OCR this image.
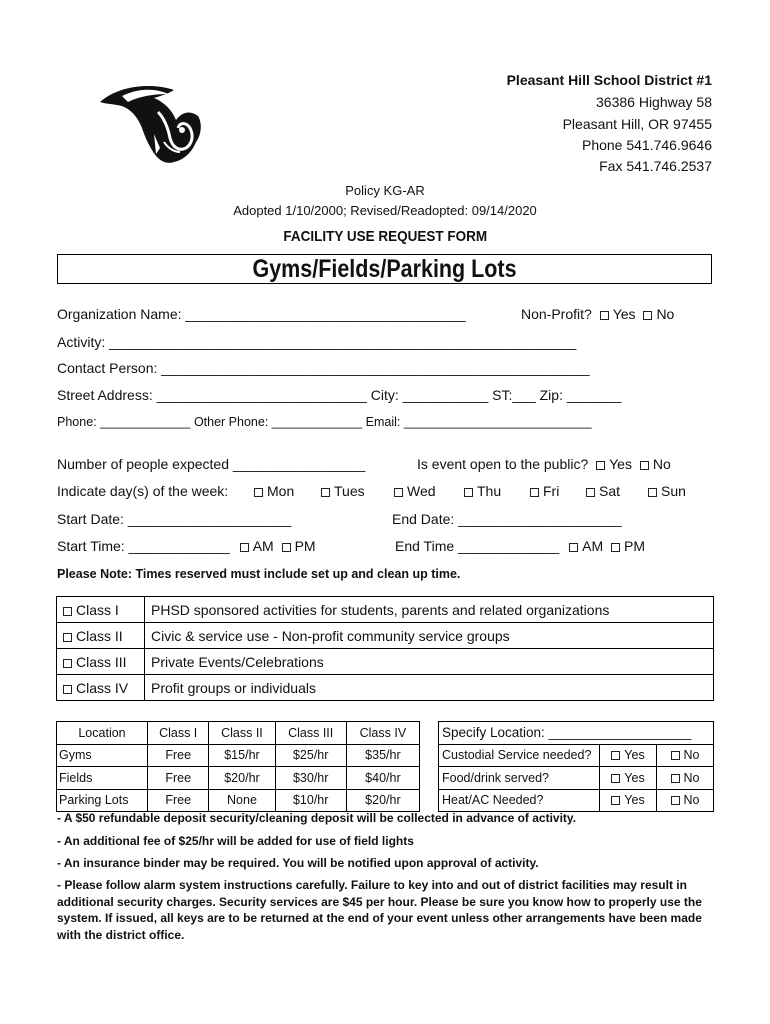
Pleasant Hill School District #1
36386 Highway 58
Pleasant Hill, OR 97455
Phone 541.746.9646
Fax 541.746.2537
Policy KG-AR
Adopted 1/10/2000; Revised/Readopted: 09/14/2020
FACILITY USE REQUEST FORM
Gyms/Fields/Parking Lots
Organization Name: ____________________________________	Non-Profit? Yes No
Activity: ____________________________________________________________
Contact Person: _______________________________________________________
Street Address: ___________________________ City: ___________ ST:___ Zip: _______
Phone: _____________ Other Phone: _____________ Email: ___________________________
Number of people expected _________________	Is event open to the public? Yes No
Indicate day(s) of the week:	Mon	Tues	Wed	Thu	Fri	Sat	Sun
Start Date: _____________________	End Date: _____________________
Start Time: _____________ AM PM	End Time _____________ AM PM
Please Note: Times reserved must include set up and clean up time.
Class I	PHSD sponsored activities for students, parents and related organizations
Class II	Civic & service use - Non-profit community service groups
Class III	Private Events/Celebrations
Class IV	Profit groups or individuals
Location	Class I	Class II	Class III	Class IV
Gyms	Free	$15/hr	$25/hr	$35/hr
Fields	Free	$20/hr	$30/hr	$40/hr
Parking Lots	Free	None	$10/hr	$20/hr
Specify Location: ___________________		
Custodial Service needed?	Yes	No
Food/drink served?	Yes	No
Heat/AC Needed?	Yes	No
- A $50 refundable deposit security/cleaning deposit will be collected in advance of activity.
- An additional fee of $25/hr will be added for use of field lights
- An insurance binder may be required. You will be notified upon approval of activity.
- Please follow alarm system instructions carefully. Failure to key into and out of district facilities may result in additional security charges. Security services are $45 per hour. Please be sure you know how to properly use the system. If issued, all keys are to be returned at the end of your event unless other arrangements have been made with the district office.
